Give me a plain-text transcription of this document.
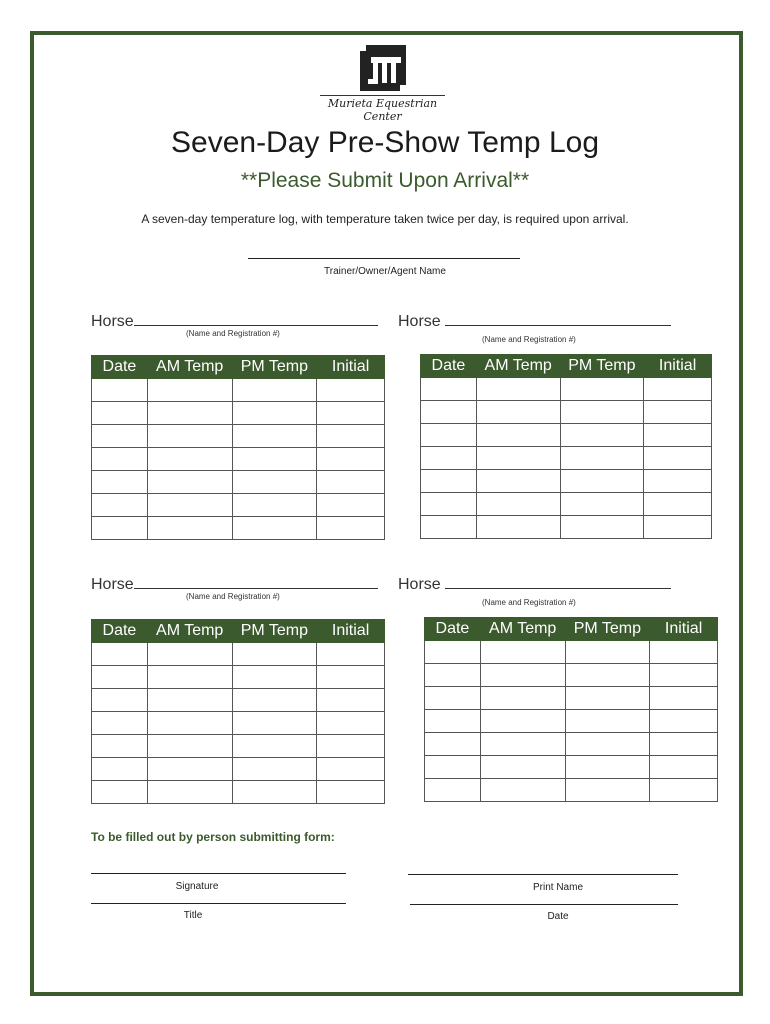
Murieta Equestrian Center
Seven-Day Pre-Show Temp Log
**Please Submit Upon Arrival**
A seven-day temperature log, with temperature taken twice per day, is required upon arrival.
Trainer/Owner/Agent Name
Horse
(Name and Registration #)
Date	AM Temp	PM Temp	Initial

Horse
(Name and Registration #)
Date	AM Temp	PM Temp	Initial

Horse
(Name and Registration #)
Date	AM Temp	PM Temp	Initial

Horse
(Name and Registration #)
Date	AM Temp	PM Temp	Initial

To be filled out by person submitting form:
Signature	Print Name
Title	Date
